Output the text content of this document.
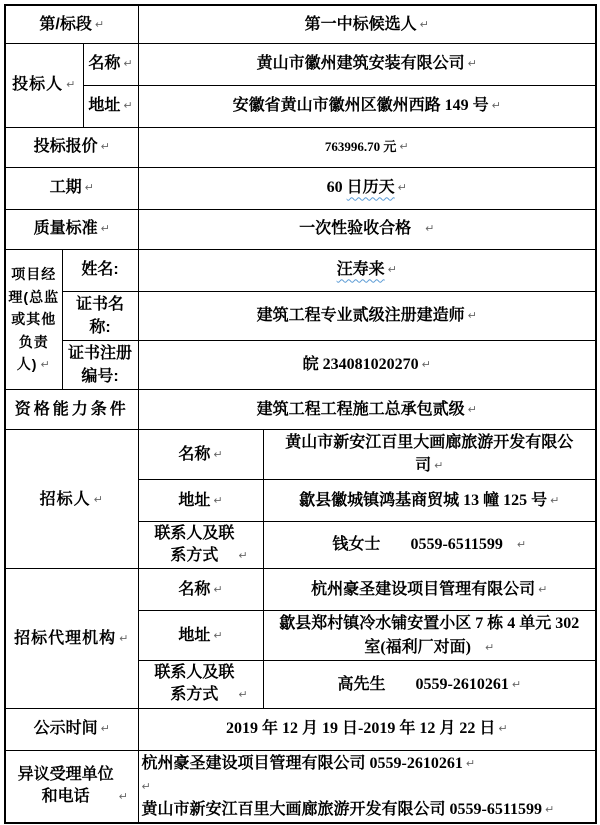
第/标段 ↵			第一中标候选人 ↵	
投标人 ↵		名称 ↵	黄山市徽州建筑安装有限公司 ↵	
		地址 ↵	安徽省黄山市徽州区徽州西路 149 号 ↵	
投标报价 ↵			763996.70 元 ↵	
工期 ↵			60 日历天 ↵	
质量标准 ↵			一次性验收合格 ↵	
项目经理(总监或其他负责人) ↵	姓名:		汪寿来 ↵	
	证书名称:		建筑工程专业贰级注册建造师 ↵	
	证书注册编号:		皖 234081020270 ↵	
资格能力条件			建筑工程工程施工总承包贰级 ↵	
招标人 ↵			名称 ↵	黄山市新安江百里大画廊旅游开发有限公司 ↵
			地址 ↵	歙县徽城镇鸿基商贸城 13 幢 125 号 ↵
			联系人及联系方式 ↵	钱女士 0559-6511599 ↵
招标代理机构 ↵			名称 ↵	杭州豪圣建设项目管理有限公司 ↵
			地址 ↵	歙县郑村镇冷水铺安置小区 7 栋 4 单元 302 室(福利厂对面) ↵
			联系人及联系方式 ↵	高先生 0559-2610261 ↵
公示时间 ↵			2019 年 12 月 19 日-2019 年 12 月 22 日 ↵	
异议受理单位和电话 ↵			杭州豪圣建设项目管理有限公司 0559-2610261 ↵
↵
黄山市新安江百里大画廊旅游开发有限公司 0559-6511599 ↵	
